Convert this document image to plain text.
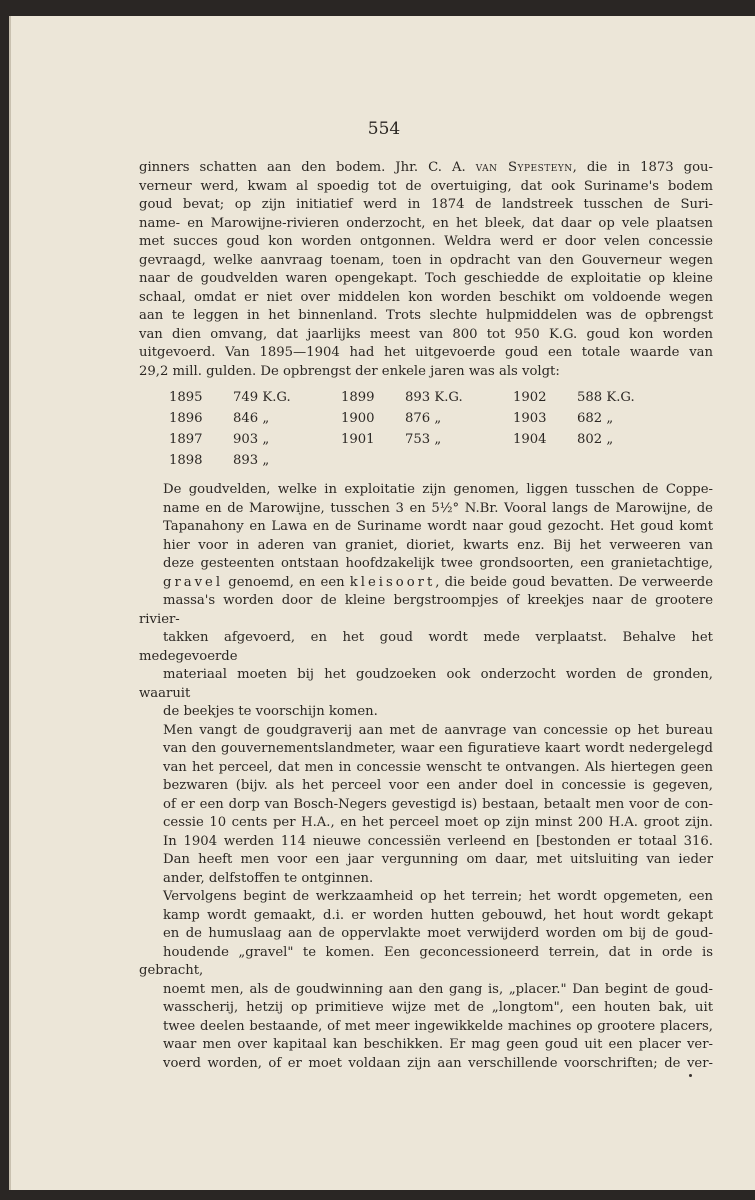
554

ginners schatten aan den bodem. Jhr. C. A. van Sypesteyn, die in 1873 gou-
verneur werd, kwam al spoedig tot de overtuiging, dat ook Suriname's bodem
goud bevat; op zijn initiatief werd in 1874 de landstreek tusschen de Suri-
name- en Marowijne-rivieren onderzocht, en het bleek, dat daar op vele plaatsen
met succes goud kon worden ontgonnen. Weldra werd er door velen concessie
gevraagd, welke aanvraag toenam, toen in opdracht van den Gouverneur wegen
naar de goudvelden waren opengekapt. Toch geschiedde de exploitatie op kleine
schaal, omdat er niet over middelen kon worden beschikt om voldoende wegen
aan te leggen in het binnenland. Trots slechte hulpmiddelen was de opbrengst
van dien omvang, dat jaarlijks meest van 800 tot 950 K.G. goud kon worden
uitgevoerd. Van 1895—1904 had het uitgevoerde goud een totale waarde van
29,2 mill. gulden. De opbrengst der enkele jaren was als volgt:

1895	749 K.G.	1899	893 K.G.	1902	588 K.G.
1896	846 „	1900	876 „	1903	682 „
1897	903 „	1901	753 „	1904	802 „
1898	893 „				

De goudvelden, welke in exploitatie zijn genomen, liggen tusschen de Coppe-
name en de Marowijne, tusschen 3 en 5½° N.Br. Vooral langs de Marowijne, de
Tapanahony en Lawa en de Suriname wordt naar goud gezocht. Het goud komt
hier voor in aderen van graniet, dioriet, kwarts enz. Bij het verweeren van
deze gesteenten ontstaan hoofdzakelijk twee grondsoorten, een granietachtige,
gravel genoemd, en een kleisoort, die beide goud bevatten. De verweerde
massa's worden door de kleine bergstroompjes of kreekjes naar de grootere rivier-
takken afgevoerd, en het goud wordt mede verplaatst. Behalve het medegevoerde
materiaal moeten bij het goudzoeken ook onderzocht worden de gronden, waaruit
de beekjes te voorschijn komen.

Men vangt de goudgraverij aan met de aanvrage van concessie op het bureau
van den gouvernementslandmeter, waar een figuratieve kaart wordt nedergelegd
van het perceel, dat men in concessie wenscht te ontvangen. Als hiertegen geen
bezwaren (bijv. als het perceel voor een ander doel in concessie is gegeven,
of er een dorp van Bosch-Negers gevestigd is) bestaan, betaalt men voor de con-
cessie 10 cents per H.A., en het perceel moet op zijn minst 200 H.A. groot zijn.
In 1904 werden 114 nieuwe concessiën verleend en [bestonden er totaal 316.
Dan heeft men voor een jaar vergunning om daar, met uitsluiting van ieder
ander, delfstoffen te ontginnen.

Vervolgens begint de werkzaamheid op het terrein; het wordt opgemeten, een
kamp wordt gemaakt, d.i. er worden hutten gebouwd, het hout wordt gekapt
en de humuslaag aan de oppervlakte moet verwijderd worden om bij de goud-
houdende „gravel" te komen. Een geconcessioneerd terrein, dat in orde is gebracht,
noemt men, als de goudwinning aan den gang is, „placer." Dan begint de goud-
wasscherij, hetzij op primitieve wijze met de „longtom", een houten bak, uit
twee deelen bestaande, of met meer ingewikkelde machines op grootere placers,
waar men over kapitaal kan beschikken. Er mag geen goud uit een placer ver-
voerd worden, of er moet voldaan zijn aan verschillende voorschriften; de ver-
